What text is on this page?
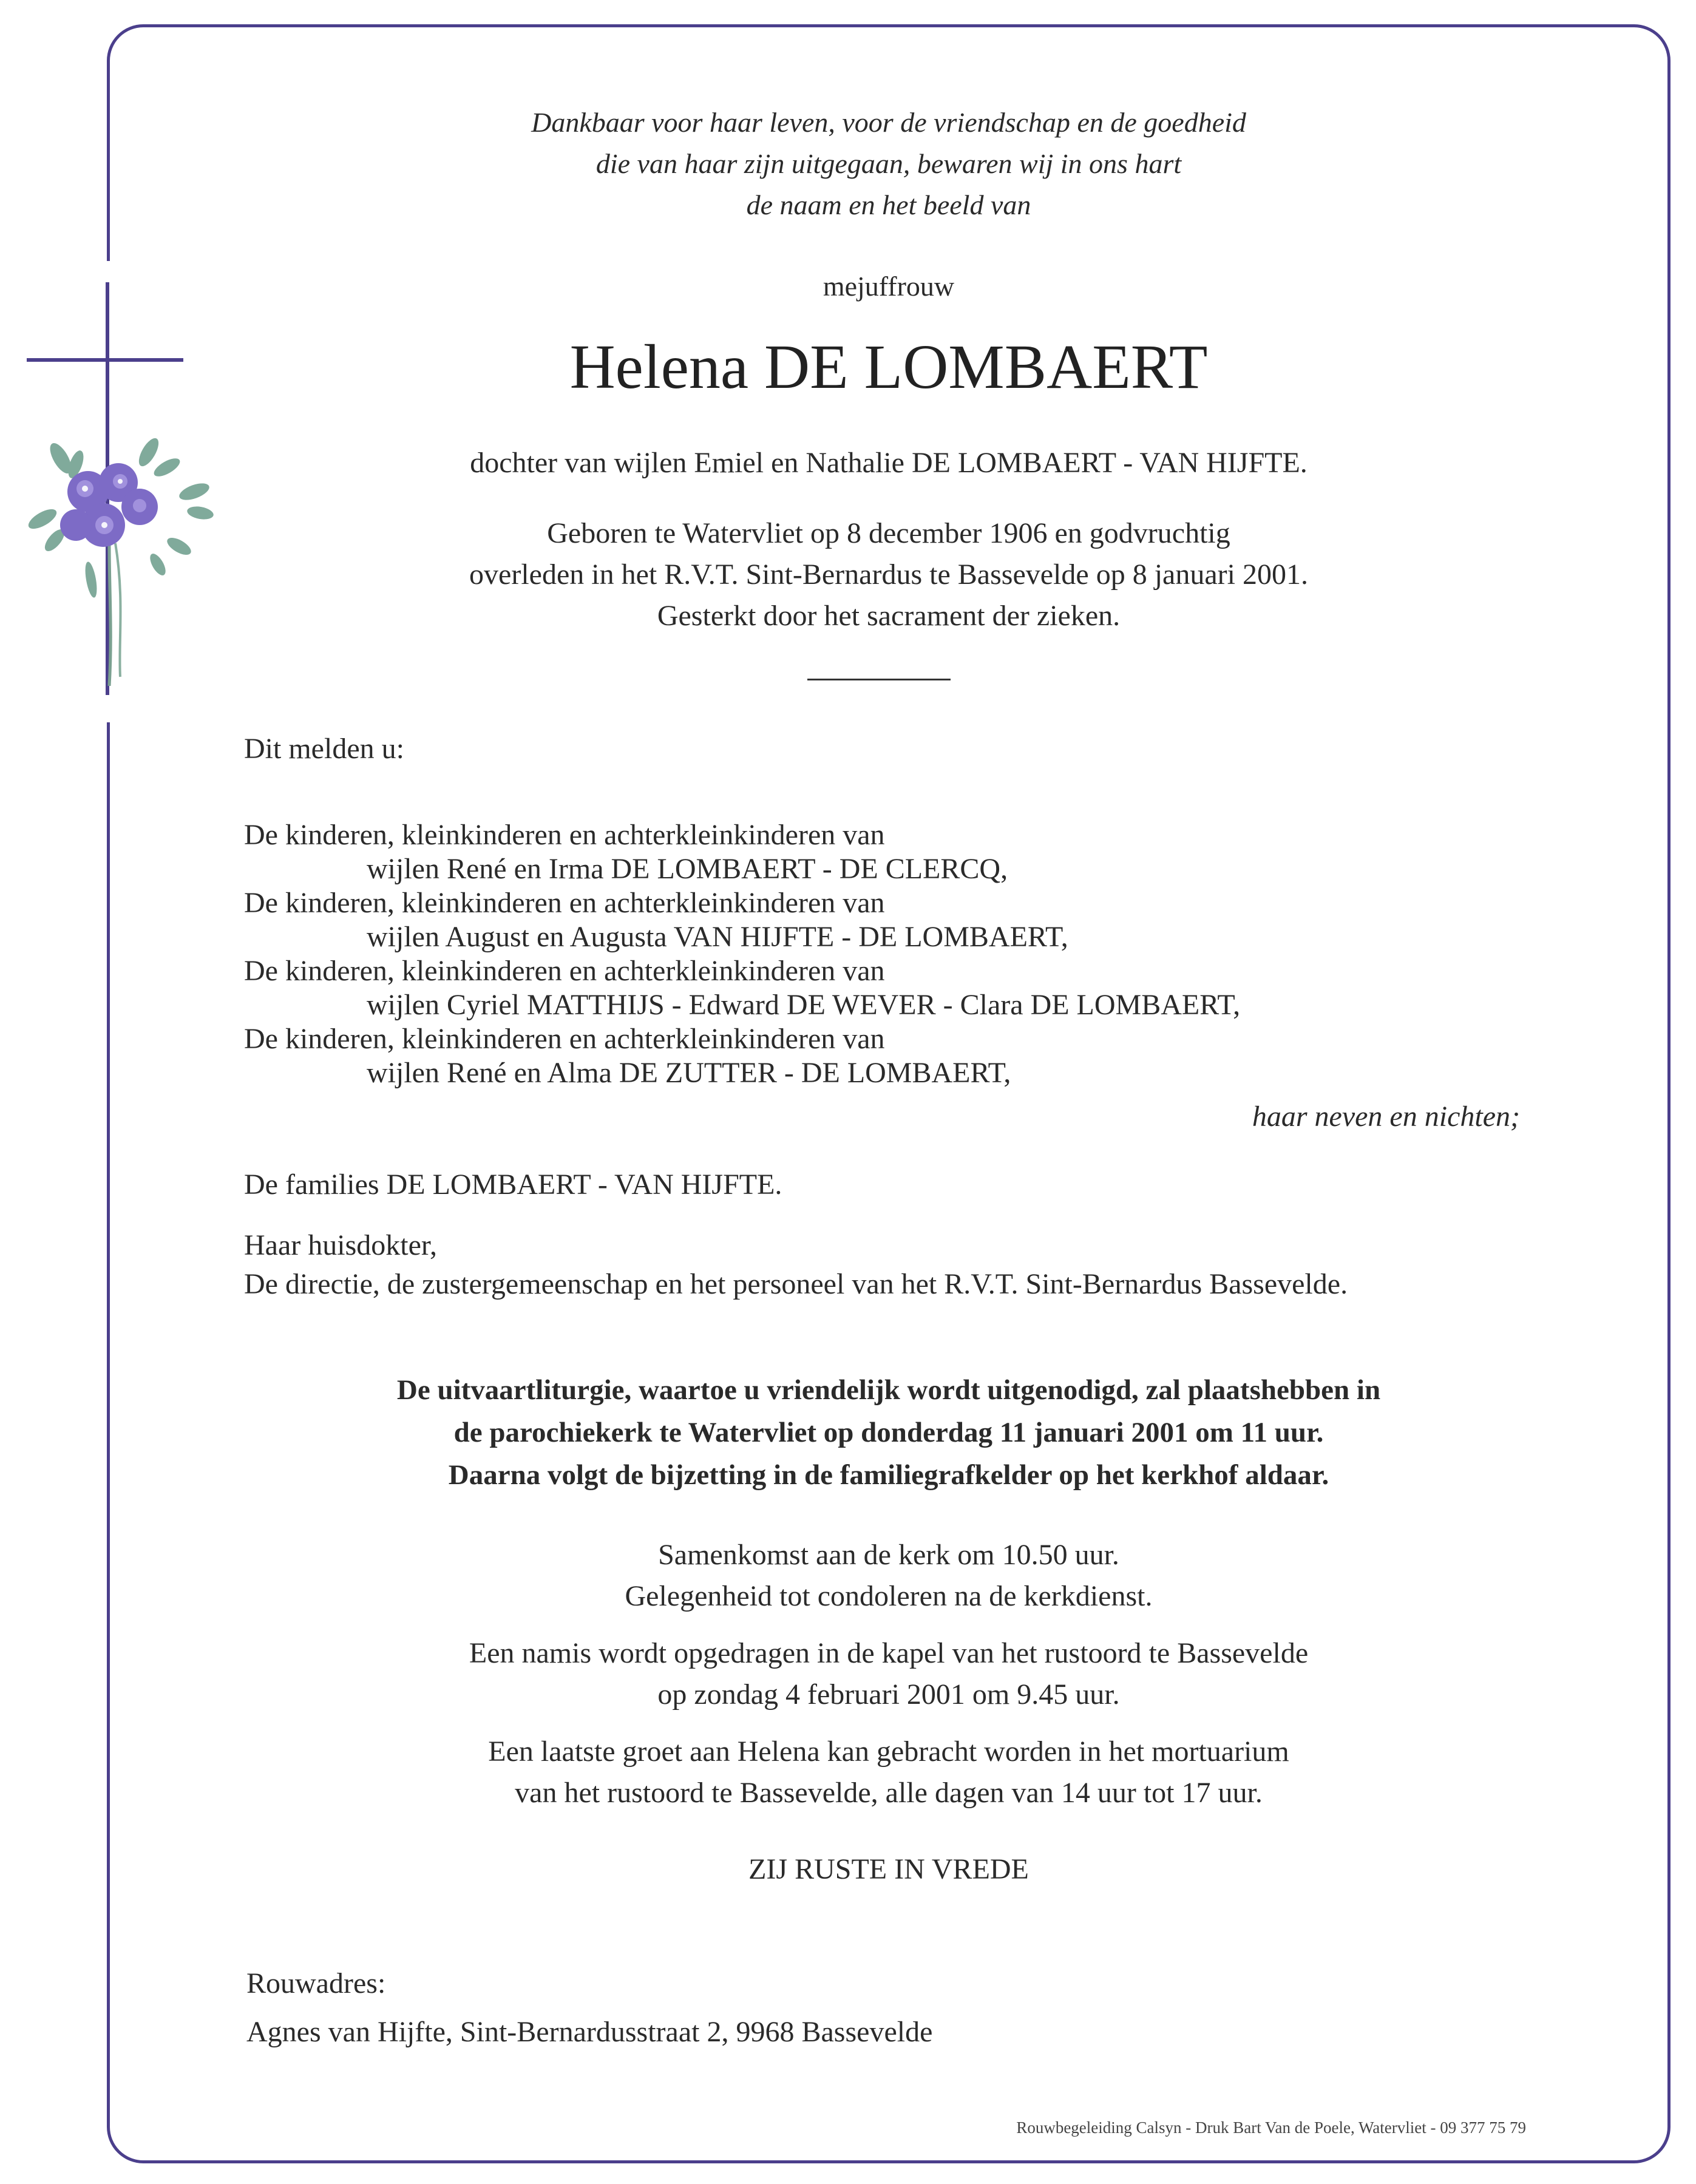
Dankbaar voor haar leven, voor de vriendschap en de goedheid
die van haar zijn uitgegaan, bewaren wij in ons hart
de naam en het beeld van
mejuffrouw
Helena DE LOMBAERT
dochter van wijlen Emiel en Nathalie DE LOMBAERT - VAN HIJFTE.
Geboren te Watervliet op 8 december 1906 en godvruchtig
overleden in het R.V.T. Sint-Bernardus te Bassevelde op 8 januari 2001.
Gesterkt door het sacrament der zieken.
Dit melden u:
De kinderen, kleinkinderen en achterkleinkinderen van
wijlen René en Irma DE LOMBAERT - DE CLERCQ,
De kinderen, kleinkinderen en achterkleinkinderen van
wijlen August en Augusta VAN HIJFTE - DE LOMBAERT,
De kinderen, kleinkinderen en achterkleinkinderen van
wijlen Cyriel MATTHIJS - Edward DE WEVER - Clara DE LOMBAERT,
De kinderen, kleinkinderen en achterkleinkinderen van
wijlen René en Alma DE ZUTTER - DE LOMBAERT,
haar neven en nichten;
De families DE LOMBAERT - VAN HIJFTE.
Haar huisdokter,
De directie, de zustergemeenschap en het personeel van het R.V.T. Sint-Bernardus Bassevelde.
De uitvaartliturgie, waartoe u vriendelijk wordt uitgenodigd, zal plaatshebben in
de parochiekerk te Watervliet op donderdag 11 januari 2001 om 11 uur.
Daarna volgt de bijzetting in de familiegrafkelder op het kerkhof aldaar.
Samenkomst aan de kerk om 10.50 uur.
Gelegenheid tot condoleren na de kerkdienst.
Een namis wordt opgedragen in de kapel van het rustoord te Bassevelde
op zondag 4 februari 2001 om 9.45 uur.
Een laatste groet aan Helena kan gebracht worden in het mortuarium
van het rustoord te Bassevelde, alle dagen van 14 uur tot 17 uur.
ZIJ RUSTE IN VREDE
Rouwadres:
Agnes van Hijfte, Sint-Bernardusstraat 2, 9968 Bassevelde
Rouwbegeleiding Calsyn - Druk Bart Van de Poele, Watervliet - 09 377 75 79
